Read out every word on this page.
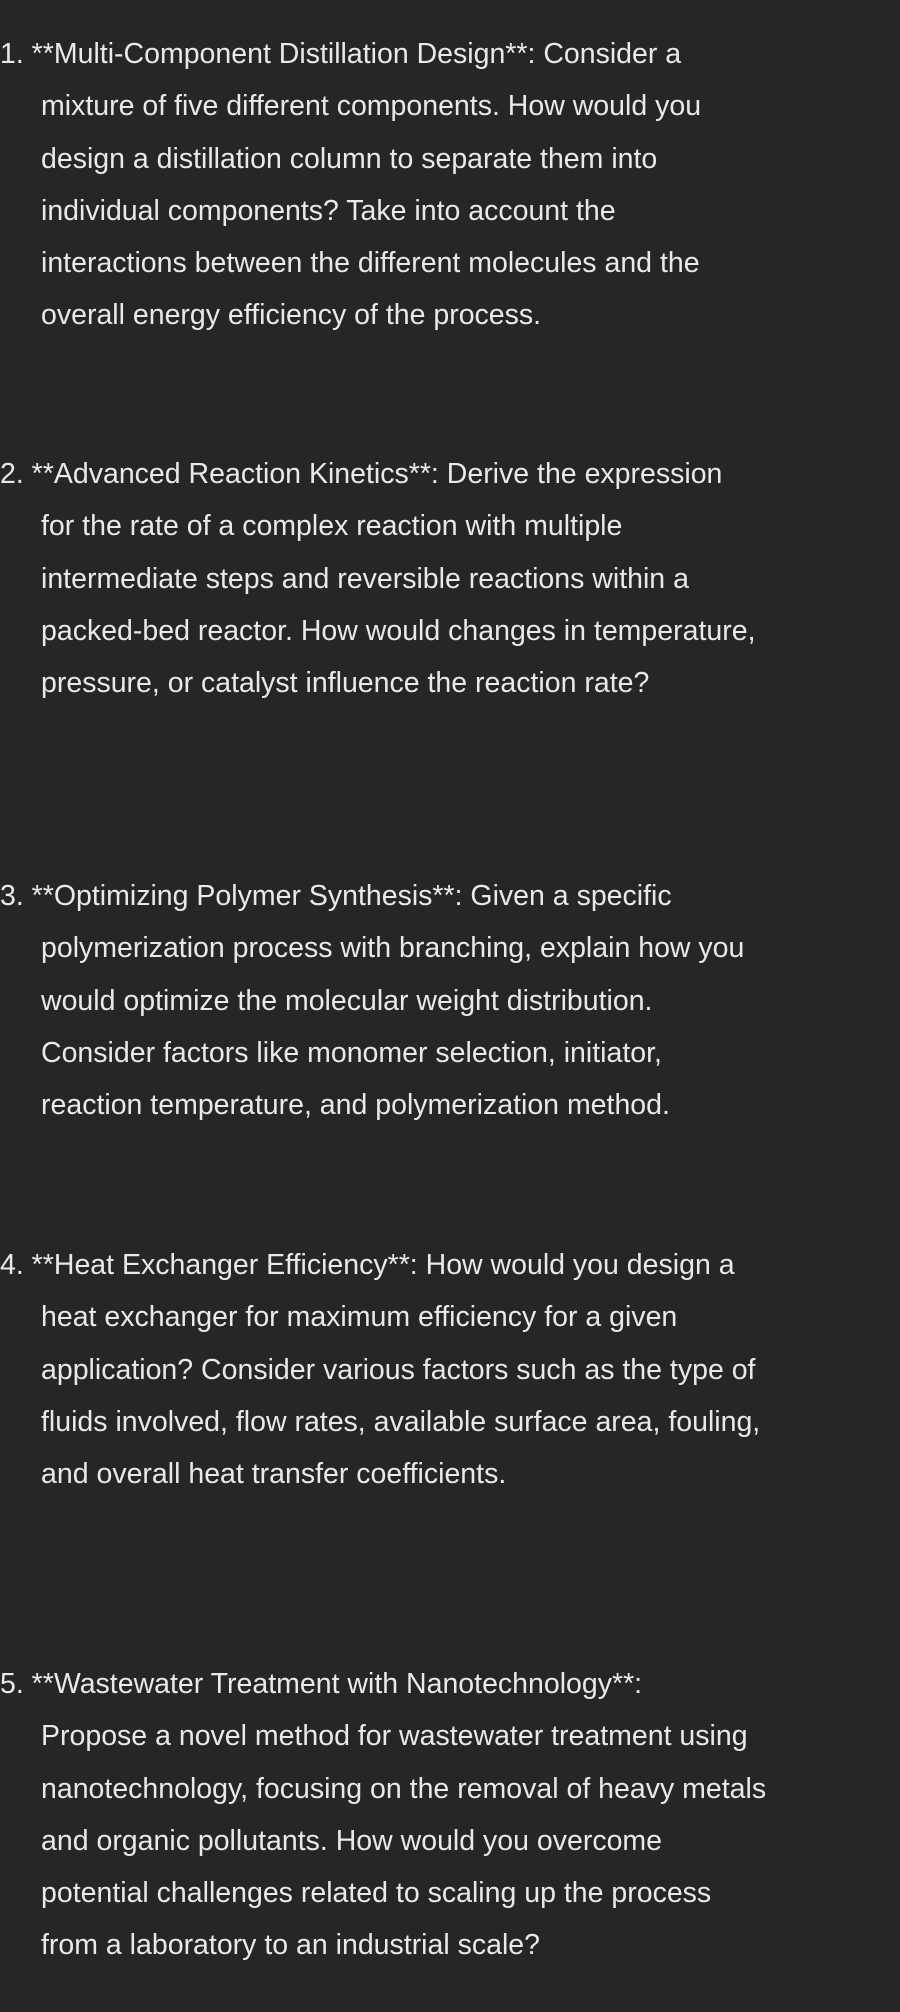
1. **Multi-Component Distillation Design**: Consider a
mixture of five different components. How would you
design a distillation column to separate them into
individual components? Take into account the
interactions between the different molecules and the
overall energy efficiency of the process.
2. **Advanced Reaction Kinetics**: Derive the expression
for the rate of a complex reaction with multiple
intermediate steps and reversible reactions within a
packed-bed reactor. How would changes in temperature,
pressure, or catalyst influence the reaction rate?
3. **Optimizing Polymer Synthesis**: Given a specific
polymerization process with branching, explain how you
would optimize the molecular weight distribution.
Consider factors like monomer selection, initiator,
reaction temperature, and polymerization method.
4. **Heat Exchanger Efficiency**: How would you design a
heat exchanger for maximum efficiency for a given
application? Consider various factors such as the type of
fluids involved, flow rates, available surface area, fouling,
and overall heat transfer coefficients.
5. **Wastewater Treatment with Nanotechnology**:
Propose a novel method for wastewater treatment using
nanotechnology, focusing on the removal of heavy metals
and organic pollutants. How would you overcome
potential challenges related to scaling up the process
from a laboratory to an industrial scale?
